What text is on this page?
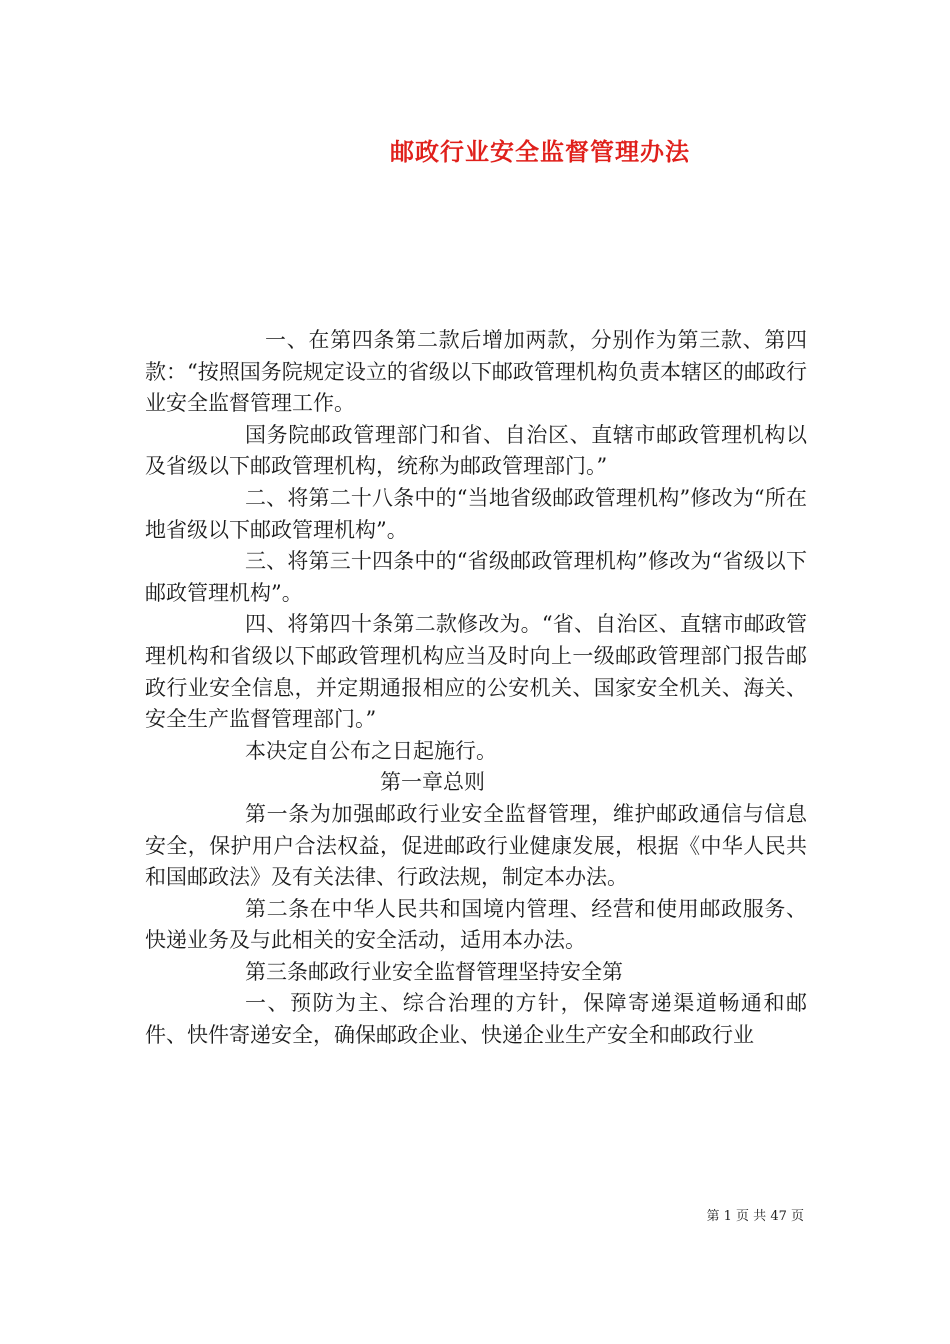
邮政行业安全监督管理办法

一、在第四条第二款后增加两款，分别作为第三款、第四款：“按照国务院规定设立的省级以下邮政管理机构负责本辖区的邮政行业安全监督管理工作。

国务院邮政管理部门和省、自治区、直辖市邮政管理机构以及省级以下邮政管理机构，统称为邮政管理部门。”

二、将第二十八条中的“当地省级邮政管理机构”修改为“所在地省级以下邮政管理机构”。

三、将第三十四条中的“省级邮政管理机构”修改为“省级以下邮政管理机构”。

四、将第四十条第二款修改为。“省、自治区、直辖市邮政管理机构和省级以下邮政管理机构应当及时向上一级邮政管理部门报告邮政行业安全信息，并定期通报相应的公安机关、国家安全机关、海关、安全生产监督管理部门。”

本决定自公布之日起施行。

第一章总则

第一条为加强邮政行业安全监督管理，维护邮政通信与信息安全，保护用户合法权益，促进邮政行业健康发展，根据《中华人民共和国邮政法》及有关法律、行政法规，制定本办法。

第二条在中华人民共和国境内管理、经营和使用邮政服务、快递业务及与此相关的安全活动，适用本办法。

第三条邮政行业安全监督管理坚持安全第

一、预防为主、综合治理的方针，保障寄递渠道畅通和邮件、快件寄递安全，确保邮政企业、快递企业生产安全和邮政行业

第 1 页 共 47 页
